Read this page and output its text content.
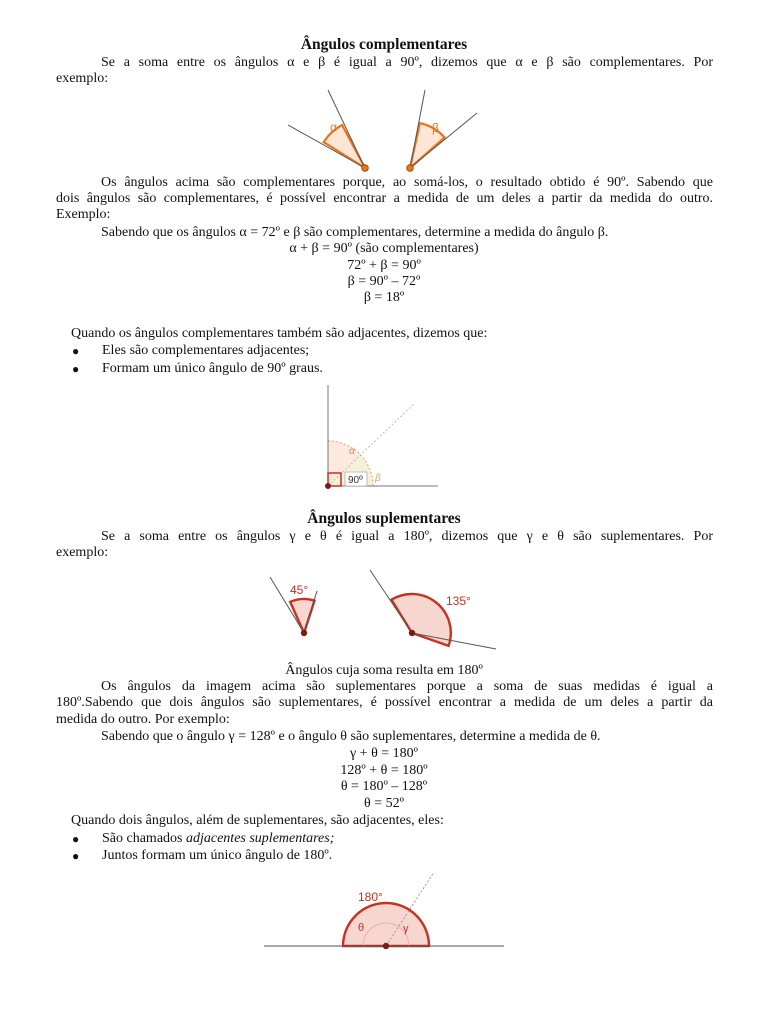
Ângulos complementares
Se a soma entre os ângulos α e β é igual a 90º, dizemos que α e β são complementares. Por
exemplo:
α	β
Os ângulos acima são complementares porque, ao somá-los, o resultado obtido é 90º. Sabendo que
dois ângulos são complementares, é possível encontrar a medida de um deles a partir da medida do outro.
Exemplo:
Sabendo que os ângulos α = 72º e β são complementares, determine a medida do ângulo β.
α + β = 90º (são complementares)
72º + β = 90º
β = 90º – 72º
β = 18º
Quando os ângulos complementares também são adjacentes, dizemos que:
● Eles são complementares adjacentes;
● Formam um único ângulo de 90º graus.
90º
α
β
Ângulos suplementares
Se a soma entre os ângulos γ e θ é igual a 180º, dizemos que γ e θ são suplementares. Por
exemplo:
45°
135°
Ângulos cuja soma resulta em 180º
Os ângulos da imagem acima são suplementares porque a soma de suas medidas é igual a
180º.Sabendo que dois ângulos são suplementares, é possível encontrar a medida de um deles a partir da
medida do outro. Por exemplo:
Sabendo que o ângulo γ = 128º e o ângulo θ são suplementares, determine a medida de θ.
γ + θ = 180º
128º + θ = 180º
θ = 180º – 128º
θ = 52º
Quando dois ângulos, além de suplementares, são adjacentes, eles:
● São chamados adjacentes suplementares;
● Juntos formam um único ângulo de 180º.
180°
θ	γ
